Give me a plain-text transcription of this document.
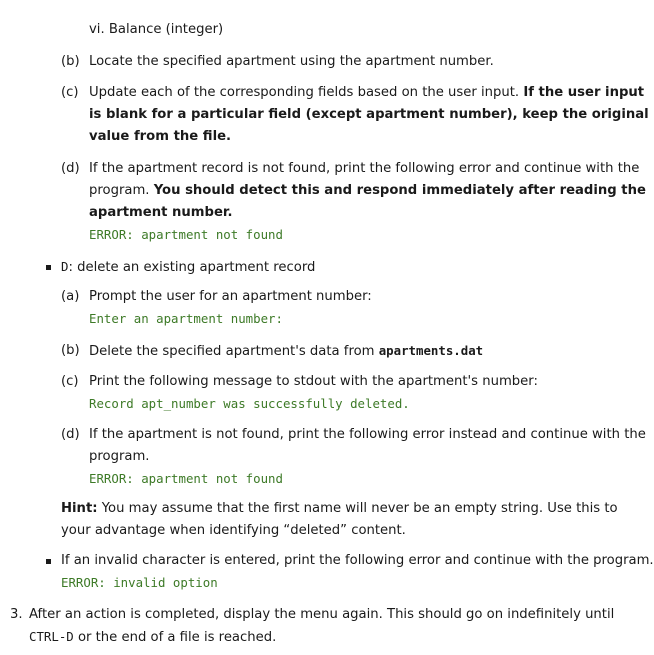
vi. Balance (integer)
(b) Locate the specified apartment using the apartment number.
(c) Update each of the corresponding fields based on the user input. If the user input
is blank for a particular field (except apartment number), keep the original
value from the file.
(d) If the apartment record is not found, print the following error and continue with the
program. You should detect this and respond immediately after reading the
apartment number.
ERROR: apartment not found
D: delete an existing apartment record
(a) Prompt the user for an apartment number:
Enter an apartment number:
(b) Delete the specified apartment's data from apartments.dat
(c) Print the following message to stdout with the apartment's number:
Record apt_number was successfully deleted.
(d) If the apartment is not found, print the following error instead and continue with the
program.
ERROR: apartment not found
Hint: You may assume that the first name will never be an empty string. Use this to
your advantage when identifying “deleted” content.
If an invalid character is entered, print the following error and continue with the program.
ERROR: invalid option
3. After an action is completed, display the menu again. This should go on indefinitely until
CTRL-D or the end of a file is reached.
